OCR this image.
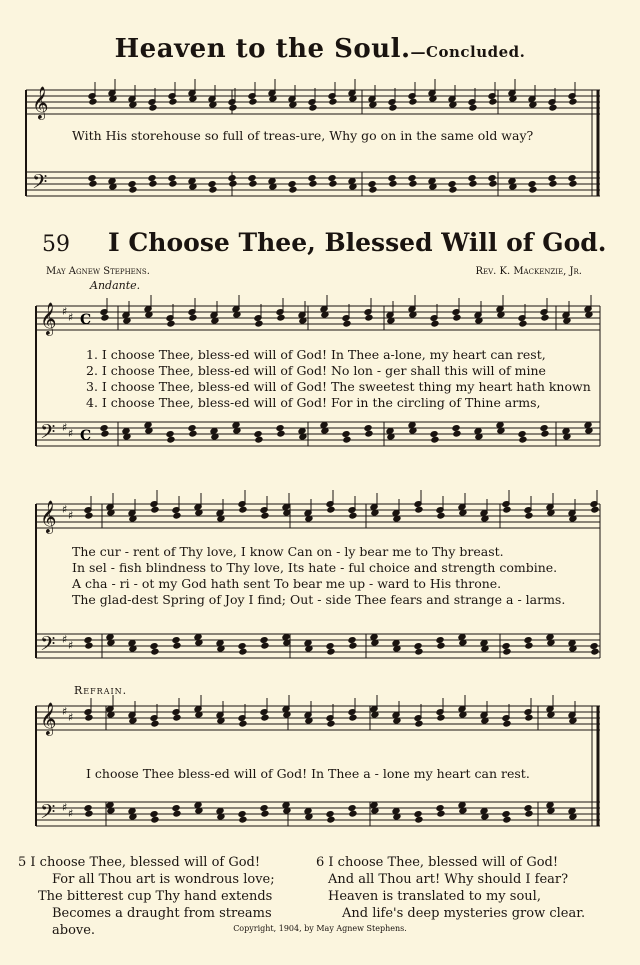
Heaven to the Soul.—Concluded.
𝄞
𝄢
With His storehouse so full of treas-ure, Why go on in the same old way?
59 I Choose Thee, Blessed Will of God.
May Agnew Stephens.	Rev. K. Mackenzie, Jr.
Andante.
𝄞
𝄢
♯ ♯
♯ ♯
C
C
1. I choose Thee, bless-ed will of God! In Thee a-lone, my heart can rest,
2. I choose Thee, bless-ed will of God! No lon - ger shall this will of mine
3. I choose Thee, bless-ed will of God! The sweetest thing my heart hath known
4. I choose Thee, bless-ed will of God! For in the circling of Thine arms,
𝄞
𝄢
♯ ♯
♯ ♯
The cur - rent of Thy love, I know Can on - ly bear me to Thy breast.
In sel - fish blindness to Thy love, Its hate - ful choice and strength combine.
A cha - ri - ot my God hath sent To bear me up - ward to His throne.
The glad-dest Spring of Joy I find; Out - side Thee fears and strange a - larms.
Refrain.
𝄞
𝄢
♯ ♯
♯ ♯
I choose Thee bless-ed will of God! In Thee a - lone my heart can rest.
5 I choose Thee, blessed will of God!
For all Thou art is wondrous love;
The bitterest cup Thy hand extends
Becomes a draught from streams above.
6 I choose Thee, blessed will of God!
And all Thou art! Why should I fear?
Heaven is translated to my soul,
And life's deep mysteries grow clear.
Copyright, 1904, by May Agnew Stephens.
